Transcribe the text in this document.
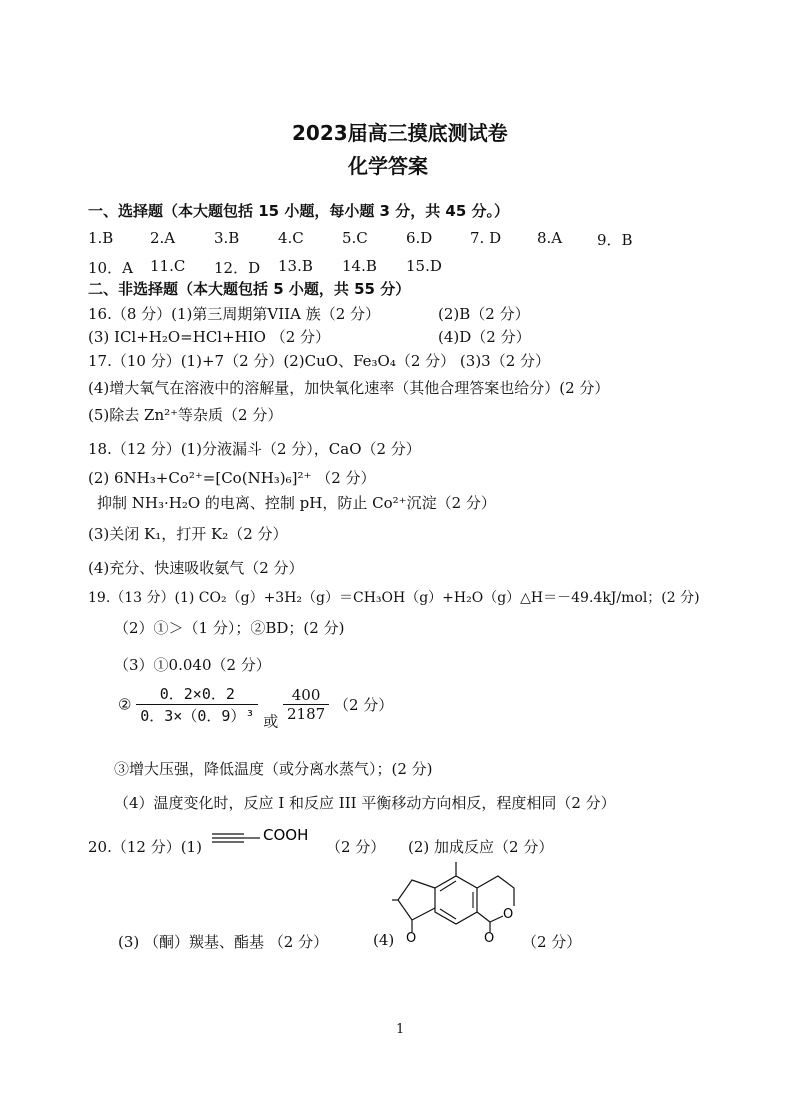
2023届高三摸底测试卷
化学答案
一、选择题（本大题包括 15 小题，每小题 3 分，共 45 分。）
1.B 2.A	3.B	4.C	5.C	6.D	7. D 8.A 9．B
10．A 11.C 12．D 13.B 14.B 15.D
二、非选择题（本大题包括 5 小题，共 55 分）
16.（8 分）(1)第三周期第VIIA 族（2 分）	(2)B（2 分）
(3) ICl+H₂O=HCl+HIO （2 分）	(4)D（2 分）
17.（10 分）(1)+7（2 分）(2)CuO、Fe₃O₄（2 分） (3)3（2 分）
(4)增大氧气在溶液中的溶解量，加快氧化速率（其他合理答案也给分）(2 分）
(5)除去 Zn²⁺等杂质（2 分）
18.（12 分）(1)分液漏斗（2 分），CaO（2 分）
(2) 6NH₃+Co²⁺=[Co(NH₃)₆]²⁺ （2 分）
抑制 NH₃·H₂O 的电离、控制 pH，防止 Co²⁺沉淀（2 分）
(3)关闭 K₁，打开 K₂（2 分）
(4)充分、快速吸收氨气（2 分）
19.（13 分）(1) CO₂（g）+3H₂（g）＝CH₃OH（g）+H₂O（g）△H＝－49.4kJ/mol；(2 分)
（2）①＞（1 分）；②BD；(2 分)
（3）①0.040（2 分）
② $\frac{0.2\times 0.2}{\text{0．3×（0．9）³}}$ 或 $\frac{400}{2187} (2$ 分）
③增大压强，降低温度（或分离水蒸气）；(2 分)
（4）温度变化时，反应 I 和反应 III 平衡移动方向相反，程度相同（2 分）
20.（12 分）(1)
COOH
（2 分） (2) 加成反应（2 分）
O
O
O
(3) （酮）羰基、酯基 （2 分）	(4)	（2 分）
1
